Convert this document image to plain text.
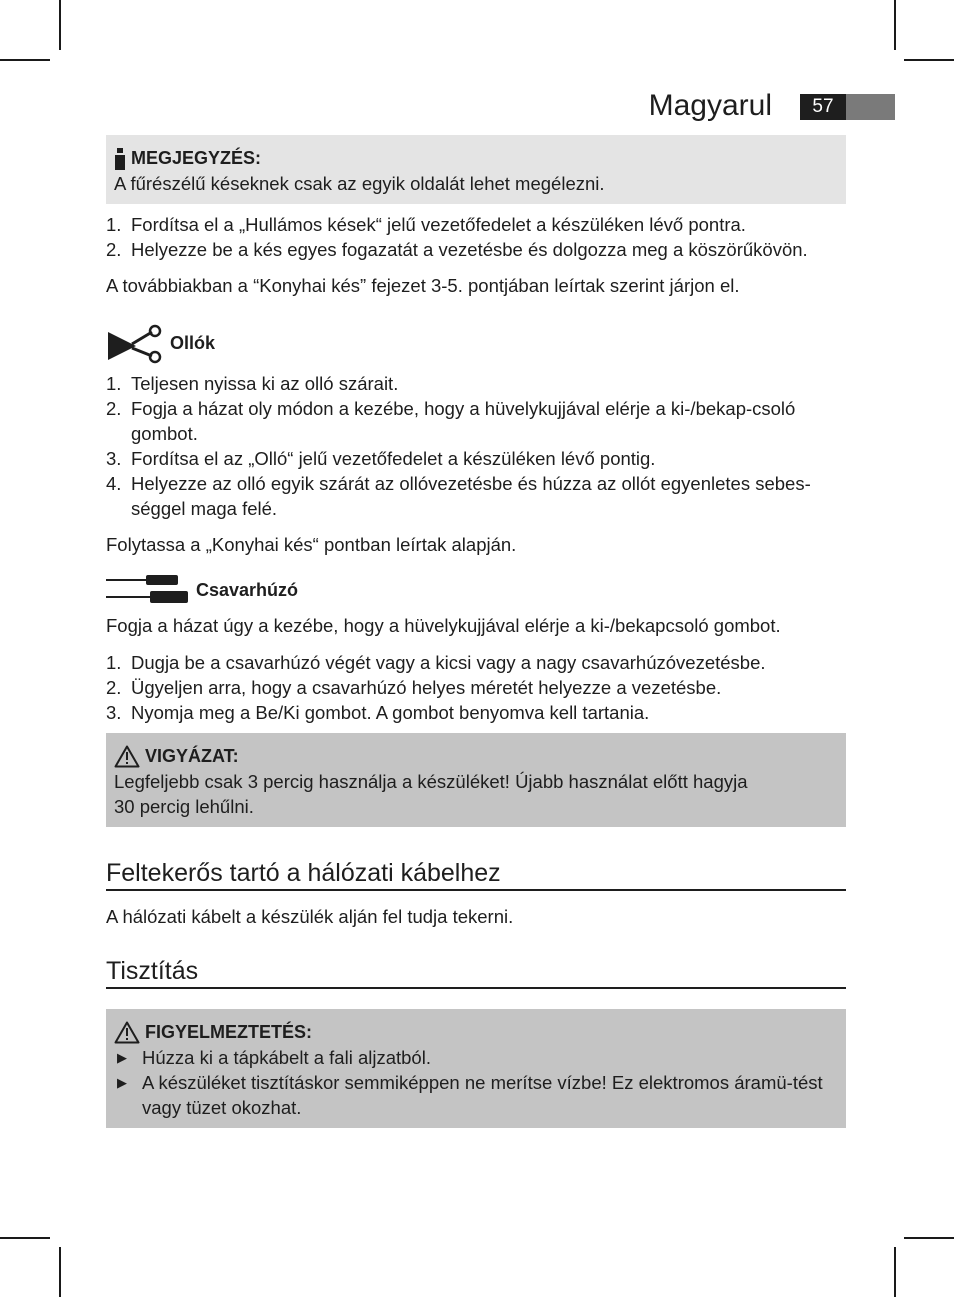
Magyarul	57
MEGJEGYZÉS:

A fűrészélű késeknek csak az egyik oldalát lehet megélezni.

1. Fordítsa el a „Hullámos kések“ jelű vezetőfedelet a készüléken lévő pontra.
2. Helyezze be a kés egyes fogazatát a vezetésbe és dolgozza meg a köszörűkövön.

A továbbiakban a “Konyhai kés” fejezet 3-5. pontjában leírtak szerint járjon el.

Ollók
1. Teljesen nyissa ki az olló szárait.
2. Fogja a házat oly módon a kezébe, hogy a hüvelykujjával elérje a ki-/bekap-csoló gombot.
3. Fordítsa el az „Olló“ jelű vezetőfedelet a készüléken lévő pontig.
4. Helyezze az olló egyik szárát az ollóvezetésbe és húzza az ollót egyenletes sebes-séggel maga felé.

Folytassa a „Konyhai kés“ pontban leírtak alapján.

Csavarhúzó

Fogja a házat úgy a kezébe, hogy a hüvelykujjával elérje a ki-/bekapcsoló gombot.

1. Dugja be a csavarhúzó végét vagy a kicsi vagy a nagy csavarhúzóvezetésbe.
2. Ügyeljen arra, hogy a csavarhúzó helyes méretét helyezze a vezetésbe.
3. Nyomja meg a Be/Ki gombot. A gombot benyomva kell tartania.
VIGYÁZAT:

Legfeljebb csak 3 percig használja a készüléket! Újabb használat előtt hagyja

30 percig lehűlni.

Feltekerős tartó a hálózati kábelhez

A hálózati kábelt a készülék alján fel tudja tekerni.

Tisztítás
FIGYELMEZTETÉS:
▶ Húzza ki a tápkábelt a fali aljzatból.
▶ A készüléket tisztításkor semmiképpen ne merítse vízbe! Ez elektromos áramü-tést vagy tüzet okozhat.
